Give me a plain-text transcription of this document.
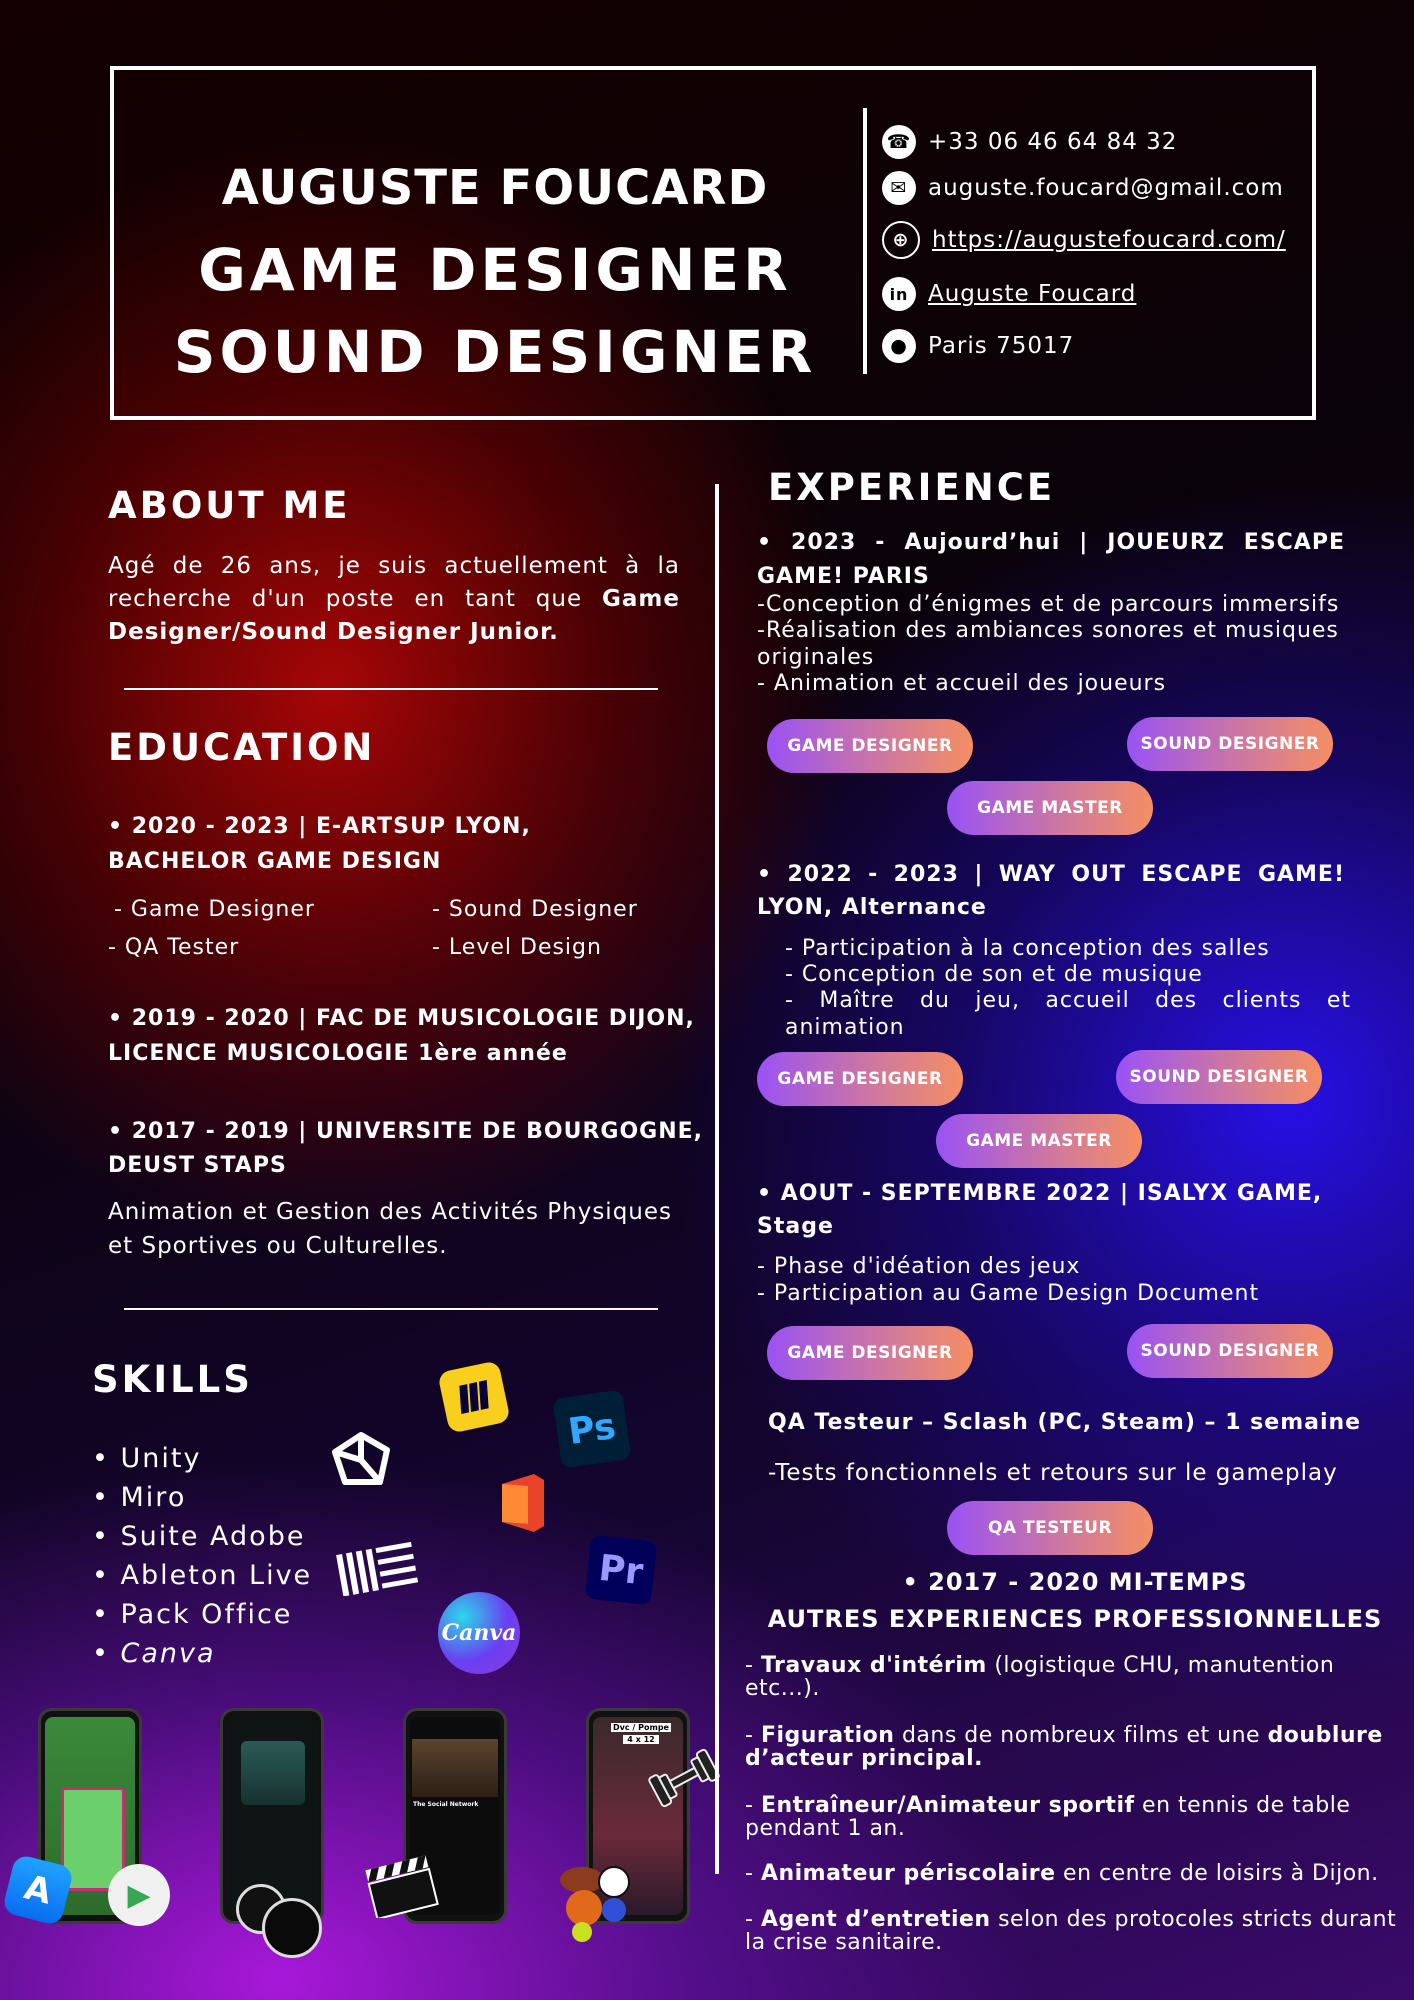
AUGUSTE FOUCARD
GAME DESIGNER
SOUND DESIGNER
☎ +33 06 46 64 84 32
✉ auguste.foucard@gmail.com
⊕ https://augustefoucard.com/
in Auguste Foucard
● Paris 75017
ABOUT ME
Agé de 26 ans, je suis actuellement à la recherche d'un poste en tant que Game Designer/Sound Designer Junior.
EDUCATION
• 2020 - 2023 | E-ARTSUP LYON,
BACHELOR GAME DESIGN
- Game Designer	- Sound Designer
- QA Tester	- Level Design
• 2019 - 2020 | FAC DE MUSICOLOGIE DIJON,
LICENCE MUSICOLOGIE 1ère année
• 2017 - 2019 | UNIVERSITE DE BOURGOGNE,
DEUST STAPS
Animation et Gestion des Activités Physiques
et Sportives ou Culturelles.
SKILLS
• Unity
• Miro
• Suite Adobe
• Ableton Live
• Pack Office
• Canva
Ps
Pr
Canva
The Social Network
Dvc / Pompe
4 x 12
A	▶
EXPERIENCE
• 2023 - Aujourd’hui | JOUEURZ ESCAPE
GAME! PARIS
-Conception d’énigmes et de parcours immersifs
-Réalisation des ambiances sonores et musiques
originales
- Animation et accueil des joueurs
GAME DESIGNER	SOUND DESIGNER
GAME MASTER
• 2022 - 2023 | WAY OUT ESCAPE GAME!
LYON, Alternance
- Participation à la conception des salles
- Conception de son et de musique
- Maître du jeu, accueil des clients et
animation
GAME DESIGNER	SOUND DESIGNER
GAME MASTER
• AOUT - SEPTEMBRE 2022 | ISALYX GAME,
Stage
- Phase d'idéation des jeux
- Participation au Game Design Document
GAME DESIGNER	SOUND DESIGNER
QA Testeur – Sclash (PC, Steam) – 1 semaine
-Tests fonctionnels et retours sur le gameplay
QA TESTEUR
• 2017 - 2020 MI-TEMPS
AUTRES EXPERIENCES PROFESSIONNELLES
- Travaux d'intérim (logistique CHU, manutention etc...).
- Figuration dans de nombreux films et une doublure d’acteur principal.
- Entraîneur/Animateur sportif en tennis de table pendant 1 an.
- Animateur périscolaire en centre de loisirs à Dijon.
- Agent d’entretien selon des protocoles stricts durant la crise sanitaire.
